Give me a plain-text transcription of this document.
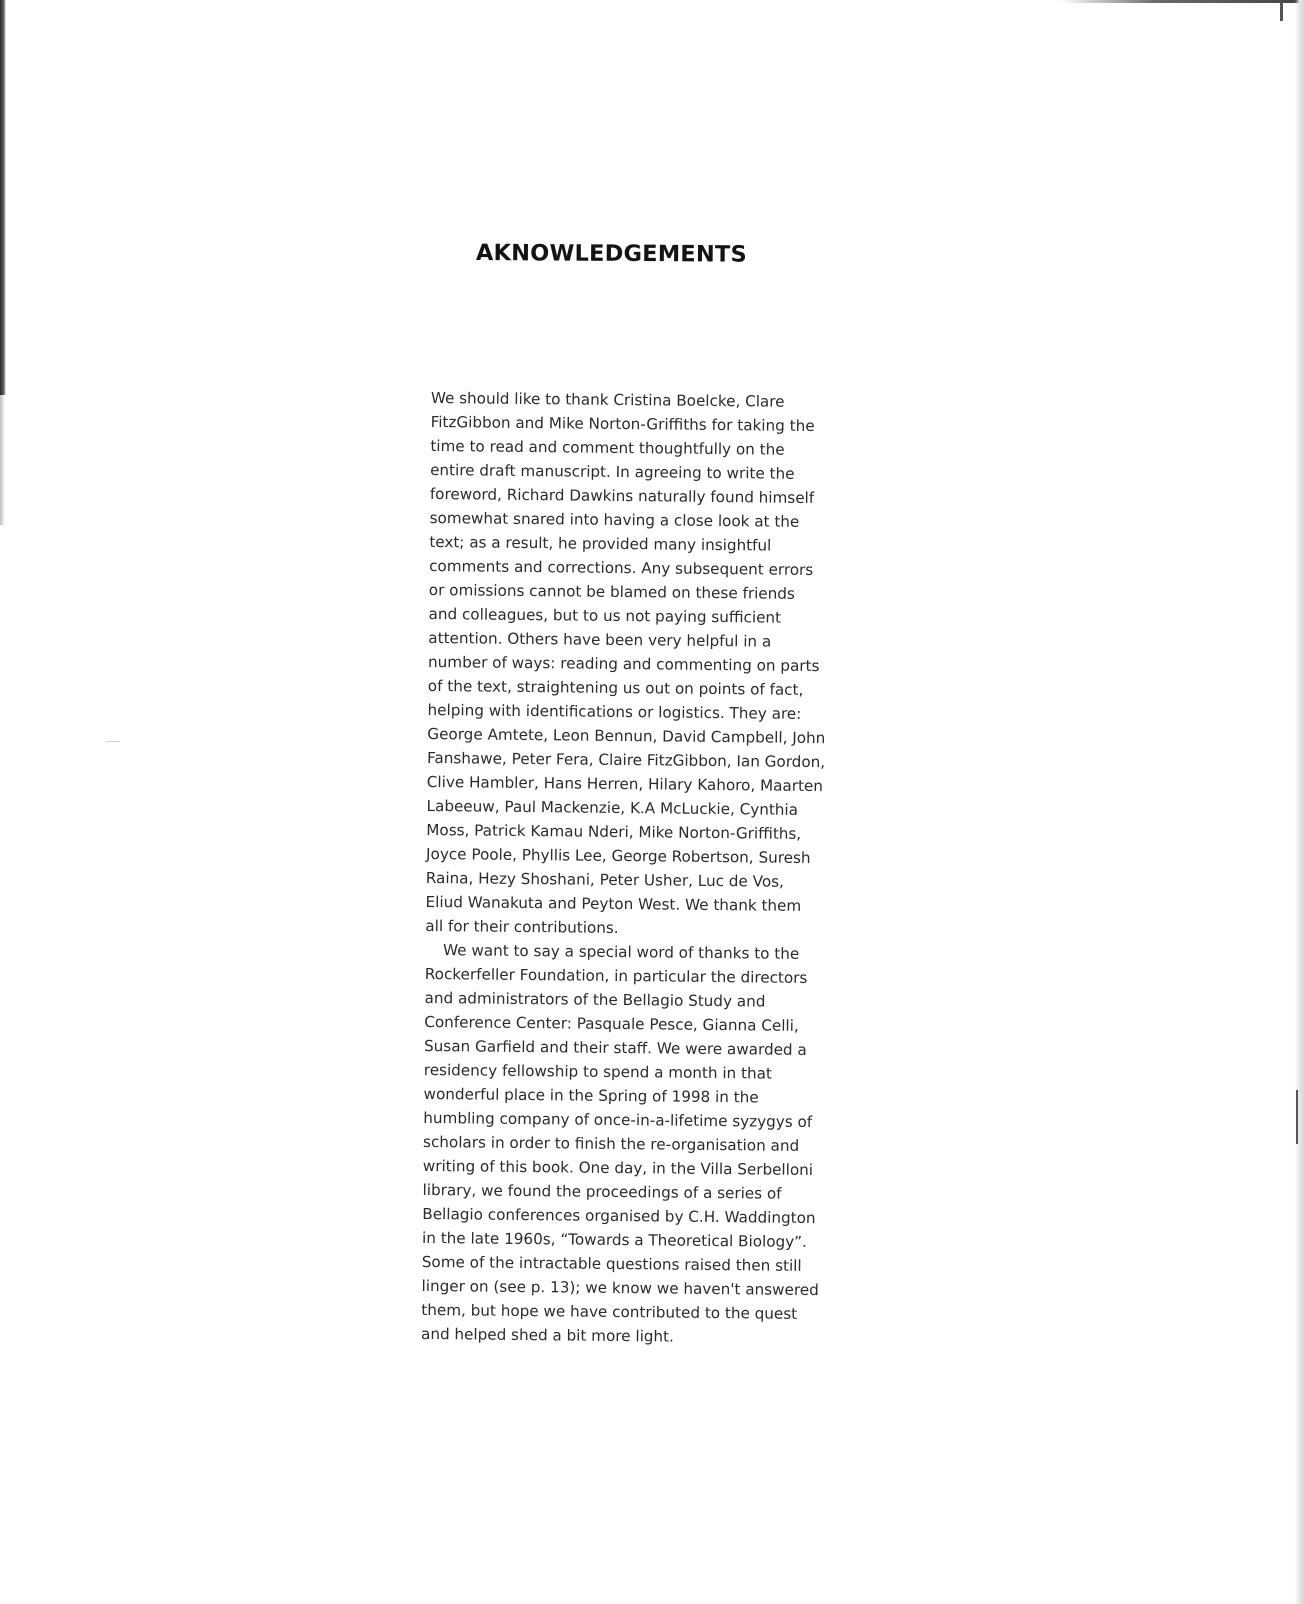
AKNOWLEDGEMENTS
We should like to thank Cristina Boelcke, Clare
FitzGibbon and Mike Norton-Griffiths for taking the
time to read and comment thoughtfully on the
entire draft manuscript. In agreeing to write the
foreword, Richard Dawkins naturally found himself
somewhat snared into having a close look at the
text; as a result, he provided many insightful
comments and corrections. Any subsequent errors
or omissions cannot be blamed on these friends
and colleagues, but to us not paying sufficient
attention. Others have been very helpful in a
number of ways: reading and commenting on parts
of the text, straightening us out on points of fact,
helping with identifications or logistics. They are:
George Amtete, Leon Bennun, David Campbell, John
Fanshawe, Peter Fera, Claire FitzGibbon, Ian Gordon,
Clive Hambler, Hans Herren, Hilary Kahoro, Maarten
Labeeuw, Paul Mackenzie, K.A McLuckie, Cynthia
Moss, Patrick Kamau Nderi, Mike Norton-Griffiths,
Joyce Poole, Phyllis Lee, George Robertson, Suresh
Raina, Hezy Shoshani, Peter Usher, Luc de Vos,
Eliud Wanakuta and Peyton West. We thank them
all for their contributions.
We want to say a special word of thanks to the
Rockerfeller Foundation, in particular the directors
and administrators of the Bellagio Study and
Conference Center: Pasquale Pesce, Gianna Celli,
Susan Garfield and their staff. We were awarded a
residency fellowship to spend a month in that
wonderful place in the Spring of 1998 in the
humbling company of once-in-a-lifetime syzygys of
scholars in order to finish the re-organisation and
writing of this book. One day, in the Villa Serbelloni
library, we found the proceedings of a series of
Bellagio conferences organised by C.H. Waddington
in the late 1960s, “Towards a Theoretical Biology”.
Some of the intractable questions raised then still
linger on (see p. 13); we know we haven't answered
them, but hope we have contributed to the quest
and helped shed a bit more light.
